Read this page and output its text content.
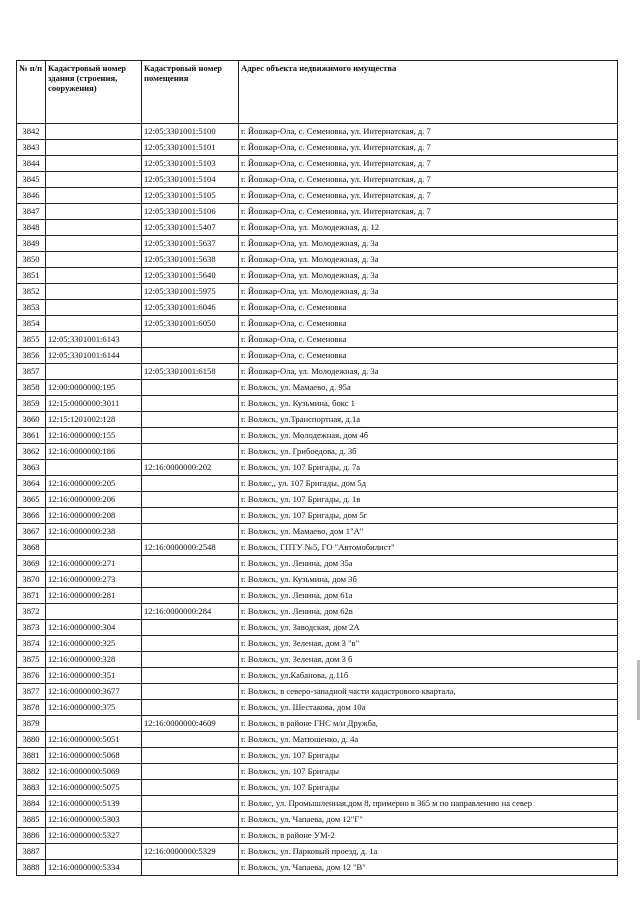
№ п/п	Кадастровый номер здания (строения, сооружения)	Кадастровый номер помещения	Адрес объекта недвижимого имущества
3842		12:05:3301001:5100	г. Йошкар-Ола, с. Семеновка, ул. Интернатская, д. 7
3843		12:05:3301001:5101	г. Йошкар-Ола, с. Семеновка, ул. Интернатская, д. 7
3844		12:05:3301001:5103	г. Йошкар-Ола, с. Семеновка, ул. Интернатская, д. 7
3845		12:05:3301001:5104	г. Йошкар-Ола, с. Семеновка, ул. Интернатская, д. 7
3846		12:05:3301001:5105	г. Йошкар-Ола, с. Семеновка, ул. Интернатская, д. 7
3847		12:05:3301001:5106	г. Йошкар-Ола, с. Семеновка, ул. Интернатская, д. 7
3848		12:05:3301001:5407	г. Йошкар-Ола, ул. Молодежная, д. 12
3849		12:05:3301001:5637	г. Йошкар-Ола, ул. Молодежная, д. 3а
3850		12:05:3301001:5638	г. Йошкар-Ола, ул. Молодежная, д. 3а
3851		12:05:3301001:5640	г. Йошкар-Ола, ул. Молодежная, д. 3а
3852		12:05:3301001:5975	г. Йошкар-Ола, ул. Молодежная, д. 3а
3853		12:05:3301001:6046	г. Йошкар-Ола, с. Семеновка
3854		12:05:3301001:6050	г. Йошкар-Ола, с. Семеновка
3855	12:05:3301001:6143		г. Йошкар-Ола, с. Семеновка
3856	12:05:3301001:6144		г. Йошкар-Ола, с. Семеновка
3857		12:05:3301001:6158	г. Йошкар-Ола, ул. Молодежная, д. 3а
3858	12:00:0000000:195		г. Волжск, ул. Мамаево, д. 95а
3859	12:15:0000000:3011		г. Волжск, ул. Кузьмина, бокс 1
3860	12:15:1201002:128		г. Волжск, ул.Транспортная, д.1а
3861	12:16:0000000:155		г. Волжск, ул. Молодежная, дом 4б
3862	12:16:0000000:186		г. Волжск, ул. Грибоедова, д. 3б
3863		12:16:0000000:202	г. Волжск, ул. 107 Бригады, д. 7а
3864	12:16:0000000:205		г. Волжс,, ул. 107 Бригады, дом 5д
3865	12:16:0000000:206		г. Волжск, ул. 107 Бригады, д. 1в
3866	12:16:0000000:208		г. Волжск, ул. 107 Бригады, дом 5г
3867	12:16:0000000:238		г. Волжск, ул. Мамаево, дом 1"А"
3868		12:16:0000000:2548	г. Волжск, ГПТУ №5, ГО "Автомобилист"
3869	12:16:0000000:271		г. Волжск, ул. Ленина, дом 35а
3870	12:16:0000000:273		г. Волжск, ул. Кузьмина, дом 3б
3871	12:16:0000000:281		г. Волжск, ул. Ленина, дом 61а
3872		12:16:0000000:284	г. Волжск, ул. Ленина, дом 62в
3873	12:16:0000000:304		г. Волжск, ул. Заводская, дом 2А
3874	12:16:0000000:325		г. Волжск, ул. Зеленая, дом 3 "в"
3875	12:16:0000000:328		г. Волжск, ул. Зеленая, дом 3 б
3876	12:16:0000000:351		г. Волжск, ул.Кабанова, д.11б
3877	12:16:0000000:3677		г. Волжск, в северо-западной части кадастрового квартала,
3878	12:16:0000000:375		г. Волжск, ул. Шестакова, дом 10а
3879		12:16:0000000:4609	г. Волжск, в районе ГНС м/н Дружба,
3880	12:16:0000000:5051		г. Волжск, ул. Матюшенко, д. 4а
3881	12:16:0000000:5068		г. Волжск, ул. 107 Бригады
3882	12:16:0000000:5069		г. Волжск, ул. 107 Бригады
3883	12:16:0000000:5075		г. Волжск, ул. 107 Бригады
3884	12:16:0000000:5139		г. Волжс, ул. Промышленная,дом 8, примерно в 365 м по направлению на север
3885	12:16:0000000:5303		г. Волжск, ул. Чапаева, дом 12"Г"
3886	12:16:0000000:5327		г. Волжск, в районе УМ-2
3887		12:16:0000000:5329	г. Волжск, ул. Парковый проезд, д. 1а
3888	12:16:0000000:5334		г. Волжск, ул. Чапаева, дом 12 "В"
